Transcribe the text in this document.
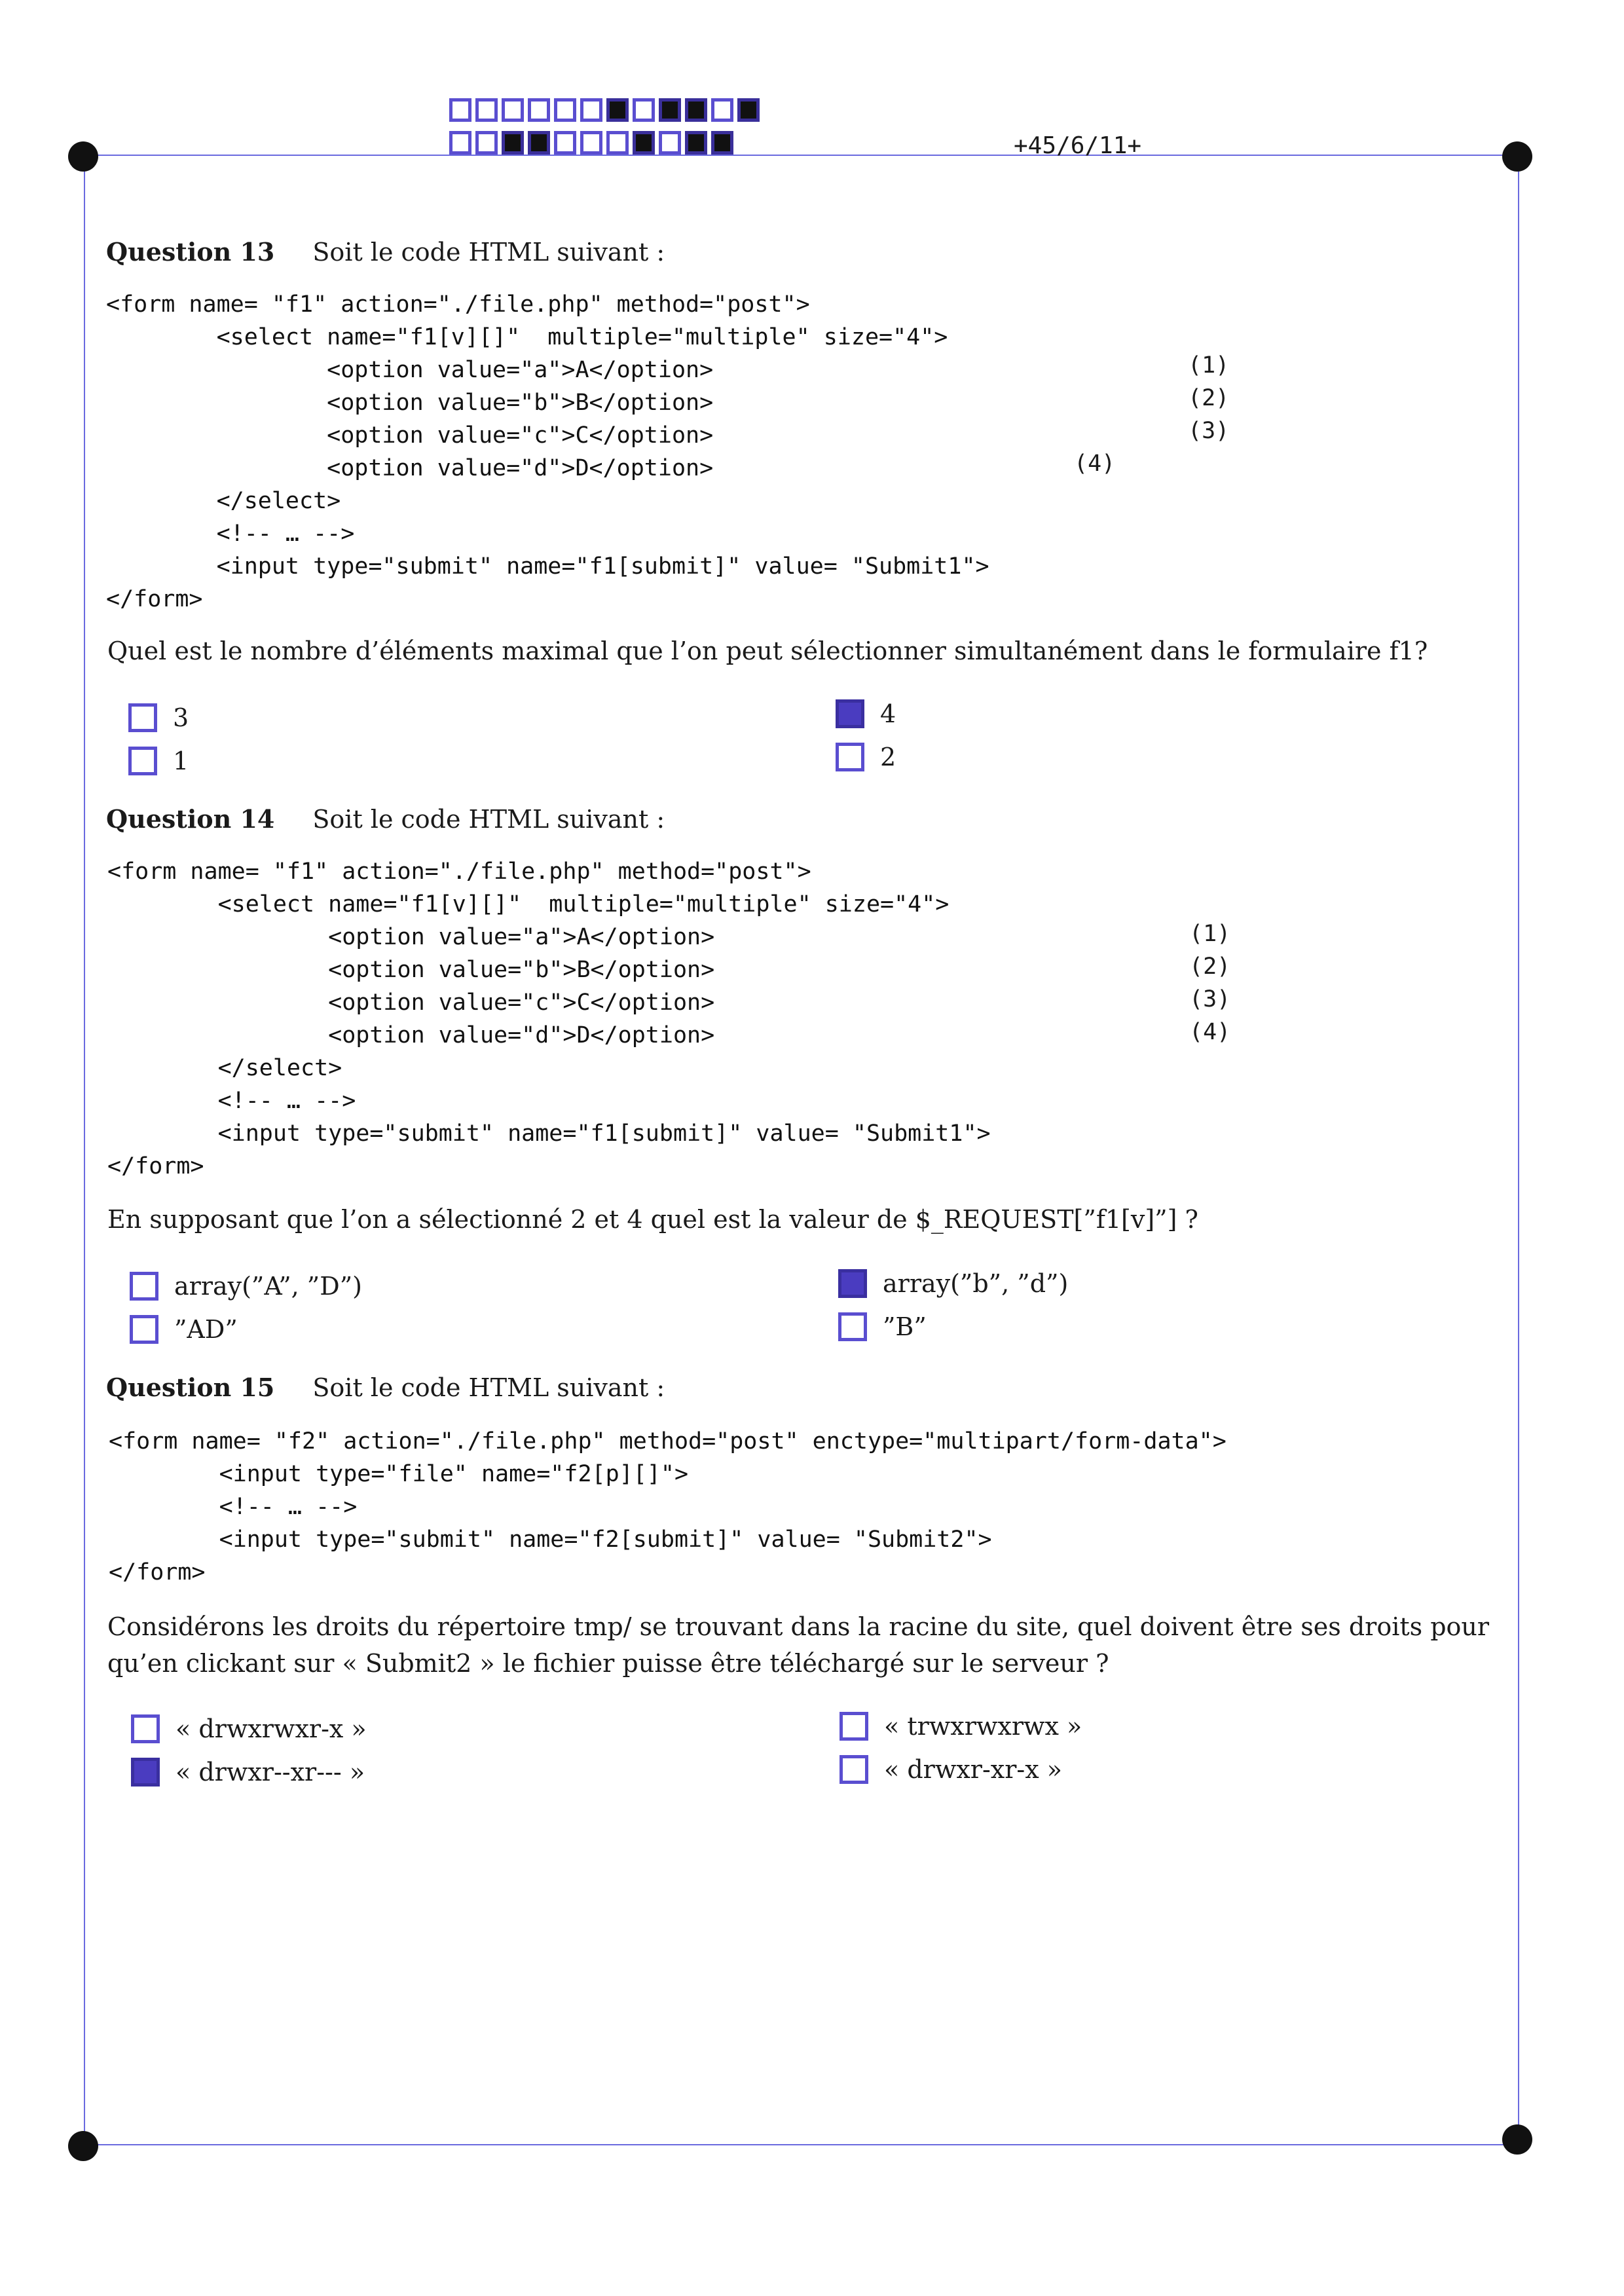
+45/6/11+
Question 13 Soit le code HTML suivant :
<form name= "f1" action="./file.php" method="post">
<select name="f1[v][]"  multiple="multiple" size="4">
<option value="a">A</option>
<option value="b">B</option>
<option value="c">C</option>
<option value="d">D</option>
</select>
<!-- … -->
<input type="submit" name="f1[submit]" value= "Submit1">
</form>
(1)
(2)
(3)
(4)
Quel est le nombre d’éléments maximal que l’on peut sélectionner simultanément dans le formulaire f1?
3	4
1	2
Question 14 Soit le code HTML suivant :
<form name= "f1" action="./file.php" method="post">
<select name="f1[v][]"  multiple="multiple" size="4">
<option value="a">A</option>
<option value="b">B</option>
<option value="c">C</option>
<option value="d">D</option>
</select>
<!-- … -->
<input type="submit" name="f1[submit]" value= "Submit1">
</form>
(1)
(2)
(3)
(4)
En supposant que l’on a sélectionné 2 et 4 quel est la valeur de $_REQUEST[”f1[v]”] ?
array(”A”, ”D”)	array(”b”, ”d”)
”AD”	”B”
Question 15 Soit le code HTML suivant :
<form name= "f2" action="./file.php" method="post" enctype="multipart/form-data">
<input type="file" name="f2[p][]">
<!-- … -->
<input type="submit" name="f2[submit]" value= "Submit2">
</form>
Considérons les droits du répertoire tmp/ se trouvant dans la racine du site, quel doivent être ses droits pour qu’en clickant sur « Submit2 » le fichier puisse être téléchargé sur le serveur ?
« drwxrwxr-x »	« trwxrwxrwx »
« drwxr--xr--- »	« drwxr-xr-x »
